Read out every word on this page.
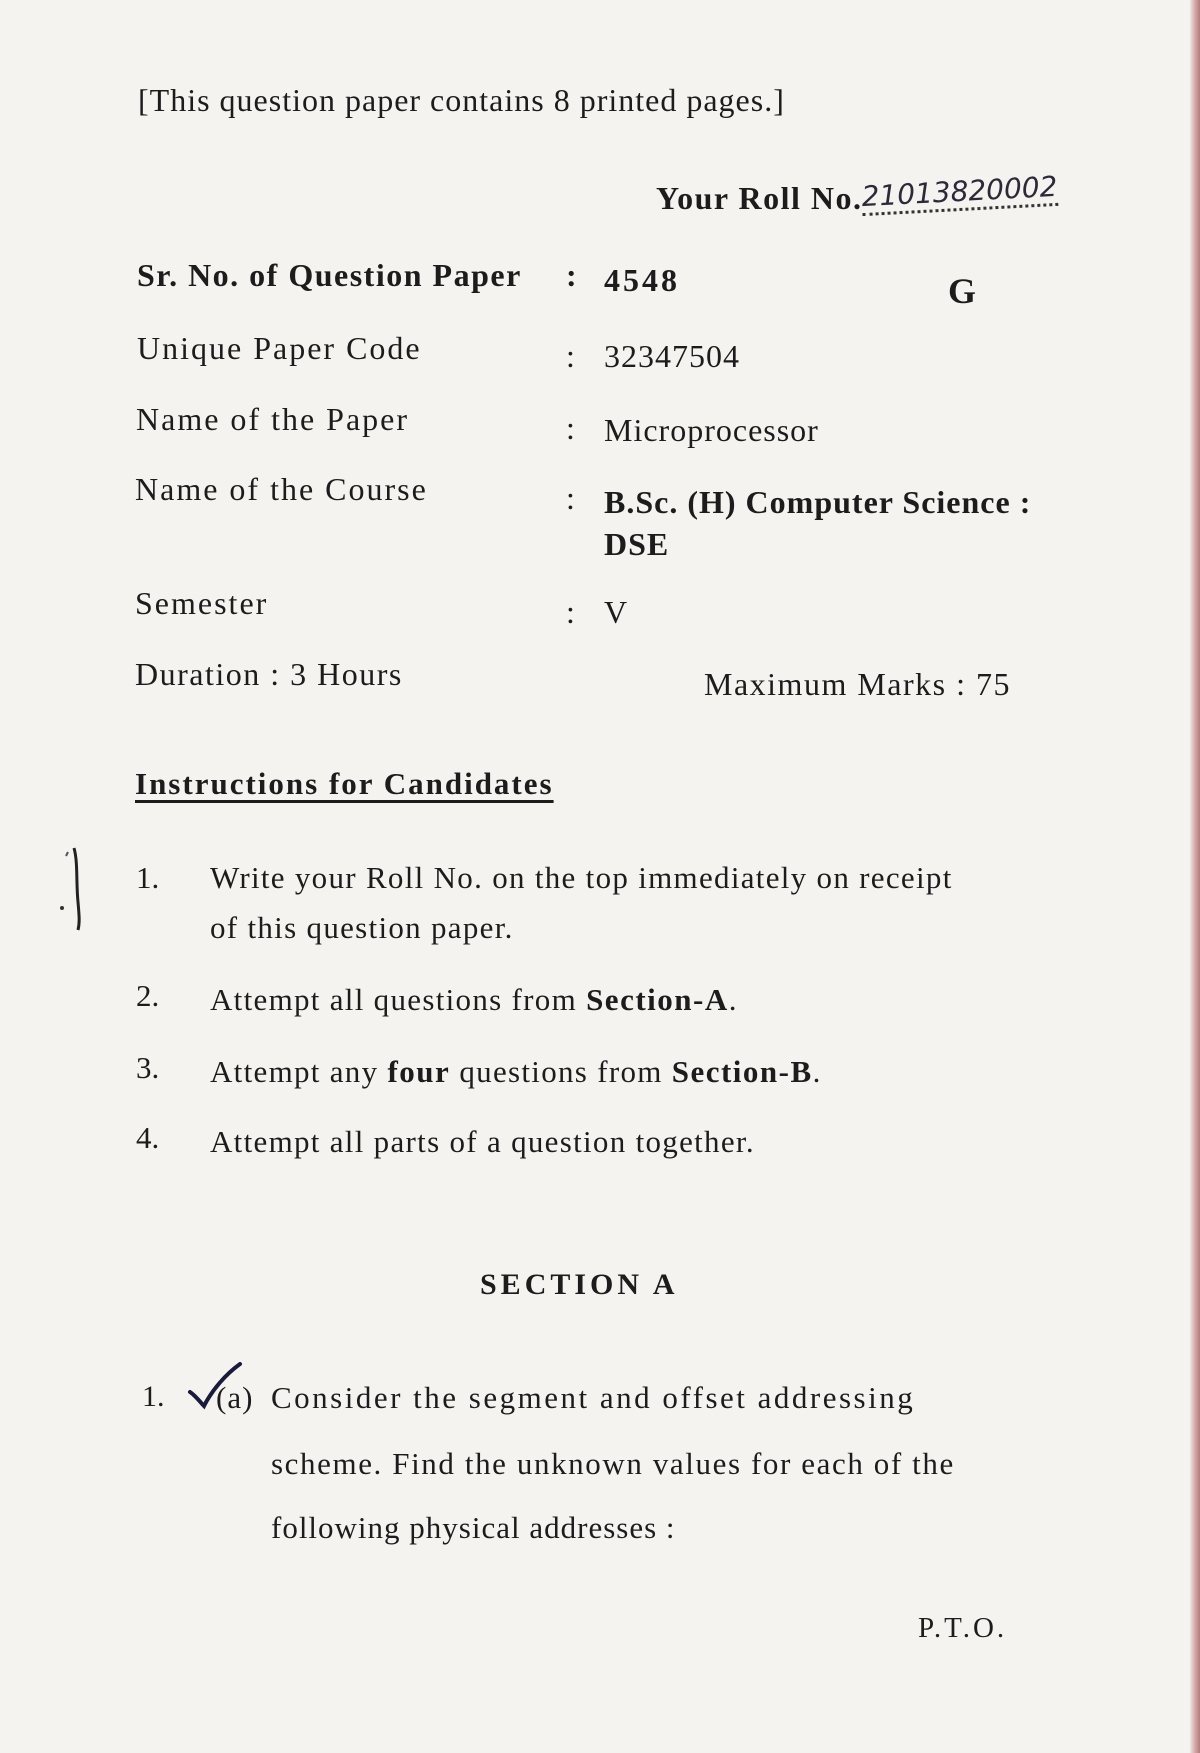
[This question paper contains 8 printed pages.]
Your Roll No.21013820002
Sr. No. of Question Paper : 4548	G
Unique Paper Code	: 32347504
Name of the Paper	: Microprocessor
Name of the Course	: B.Sc. (H) Computer Science :
DSE
Semester	: V
Duration : 3 Hours	Maximum Marks : 75
Instructions for Candidates
1. Write your Roll No. on the top immediately on receipt
of this question paper.
2. Attempt all questions from Section-A.
3. Attempt any four questions from Section-B.
4. Attempt all parts of a question together.
SECTION A
1. (a) Consider the segment and offset addressing
scheme. Find the unknown values for each of the
following physical addresses :
P.T.O.
